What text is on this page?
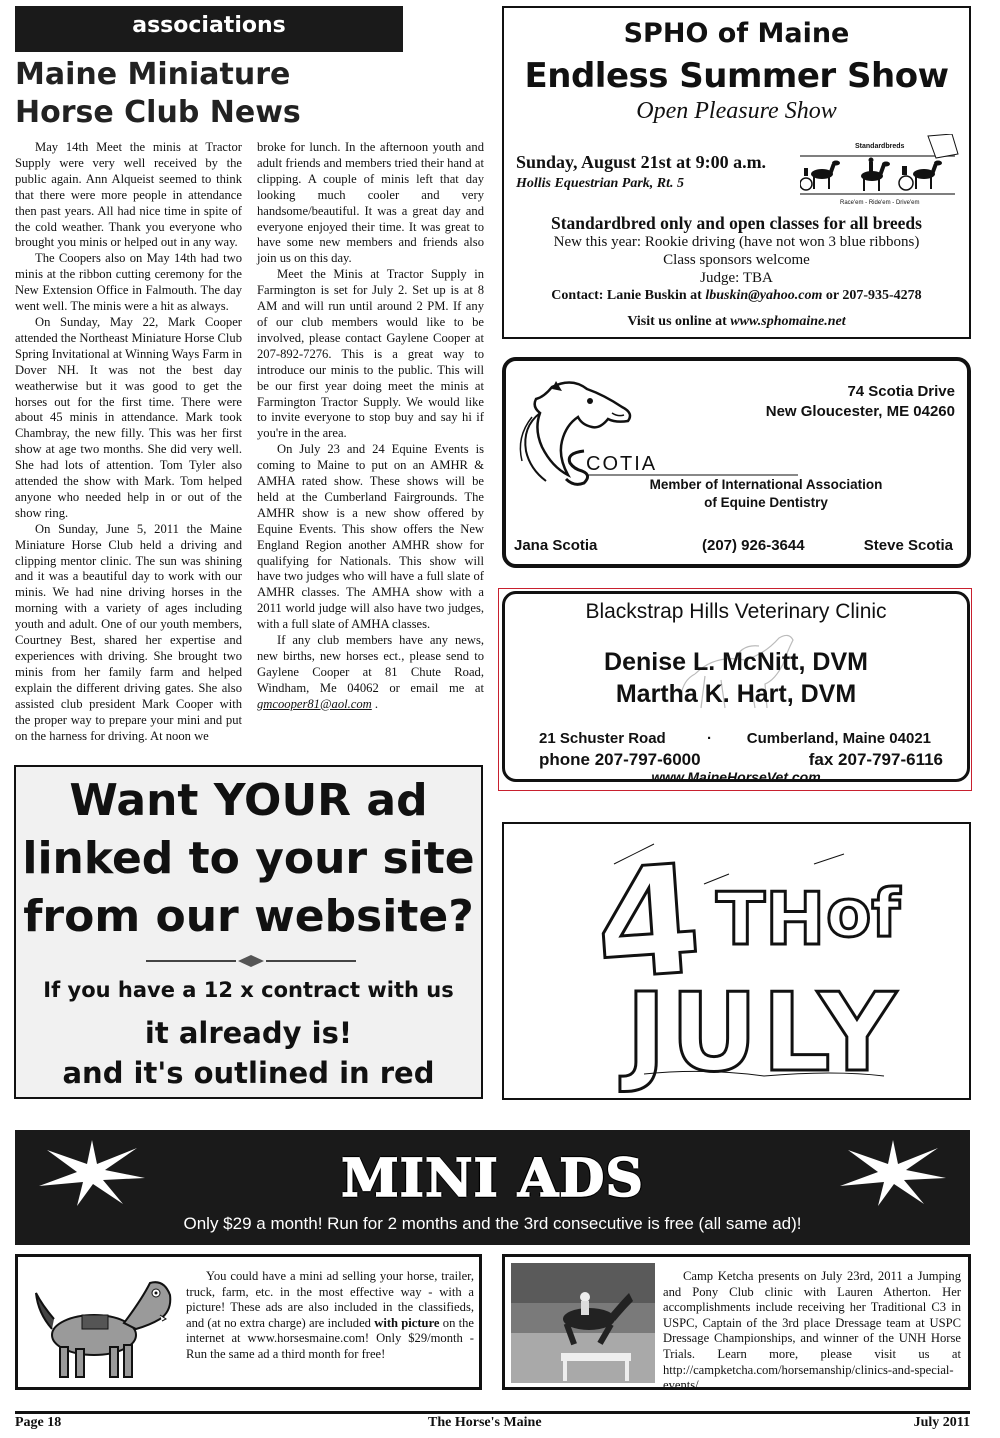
associations
Maine Miniature
Horse Club News

May 14th Meet the minis at Tractor Supply were very well received by the public again. Ann Alqueist seemed to think that there were more people in attendance then past years. All had nice time in spite of the cold weather. Thank you everyone who brought you minis or helped out in any way.

The Coopers also on May 14th had two minis at the ribbon cutting ceremony for the New Extension Office in Falmouth. The day went well. The minis were a hit as always.

On Sunday, May 22, Mark Cooper attended the Northeast Miniature Horse Club Spring Invitational at Winning Ways Farm in Dover NH. It was not the best day weatherwise but it was good to get the horses out for the first time. There were about 45 minis in attendance. Mark took Chambray, the new filly. This was her first show at age two months. She did very well. She had lots of attention. Tom Tyler also attended the show with Mark. Tom helped anyone who needed help in or out of the show ring.

On Sunday, June 5, 2011 the Maine Miniature Horse Club held a driving and clipping mentor clinic. The sun was shining and it was a beautiful day to work with our minis. We had nine driving horses in the morning with a variety of ages including youth and adult. One of our youth members, Courtney Best, shared her expertise and experiences with driving. She brought two minis from her family farm and helped explain the different driving gates. She also assisted club president Mark Cooper with the proper way to prepare your mini and put on the harness for driving. At noon we

broke for lunch. In the afternoon youth and adult friends and members tried their hand at clipping. A couple of minis left that day looking much cooler and very handsome/beautiful. It was a great day and everyone enjoyed their time. It was great to have some new members and friends also join us on this day.

Meet the Minis at Tractor Supply in Farmington is set for July 2. Set up is at 8 AM and will run until around 2 PM. If any of our club members would like to be involved, please contact Gaylene Cooper at 207-892-7276. This is a great way to introduce our minis to the public. This will be our first year doing meet the minis at Farmington Tractor Supply. We would like to invite everyone to stop buy and say hi if you're in the area.

On July 23 and 24 Equine Events is coming to Maine to put on an AMHR & AMHA rated show. These shows will be held at the Cumberland Fairgrounds. The AMHR show is a new show offered by Equine Events. This show offers the New England Region another AMHR show for qualifying for Nationals. This show will have two judges who will have a full slate of AMHR classes. The AMHA show with a 2011 world judge will also have two judges, with a full slate of AMHA classes.

If any club members have any news, new births, new horses ect., please send to Gaylene Cooper at 81 Chute Road, Windham, Me 04062 or email me at gmcooper81@aol.com .

SPHO of Maine
Endless Summer Show
Open Pleasure Show
Sunday, August 21st at 9:00 a.m.
Hollis Equestrian Park, Rt. 5
Standardbreds
Race'em - Ride'em - Drive'em
Standardbred only and open classes for all breeds
New this year: Rookie driving (have not won 3 blue ribbons)
Class sponsors welcome
Judge: TBA
Contact: Lanie Buskin at lbuskin@yahoo.com or 207-935-4278
Visit us online at www.sphomaine.net
74 Scotia Drive
New Gloucester, ME 04260
COTIA
Member of International Association
of Equine Dentistry
Jana Scotia	(207) 926-3644	Steve Scotia
Blackstrap Hills Veterinary Clinic
Denise L. McNitt, DVM
Martha K. Hart, DVM
21 Schuster Road	· Cumberland, Maine 04021
phone 207-797-6000	fax 207-797-6116
www.MaineHorseVet.com
Want YOUR ad
linked to your site
from our website?
If you have a 12 x contract with us
it already is!
and it's outlined in red
4 TH of
JULY
MINI ADS
Only $29 a month! Run for 2 months and the 3rd consecutive is free (all same ad)!

You could have a mini ad selling your horse, trailer, truck, farm, etc. in the most effective way - with a picture! These ads are also included in the classifieds, and (at no extra charge) are included with picture on the internet at www.horsesmaine.com! Only $29/month - Run the same ad a third month for free!

Camp Ketcha presents on July 23rd, 2011 a Jumping and Pony Club clinic with Lauren Atherton. Her accomplishments include receiving her Traditional C3 in USPC, Captain of the 3rd place Dressage team at USPC Dressage Championships, and winner of the UNH Horse Trials. Learn more, please visit us at http://campketcha.com/horsemanship/clinics-and-special-events/

Page 18	The Horse's Maine	July 2011
